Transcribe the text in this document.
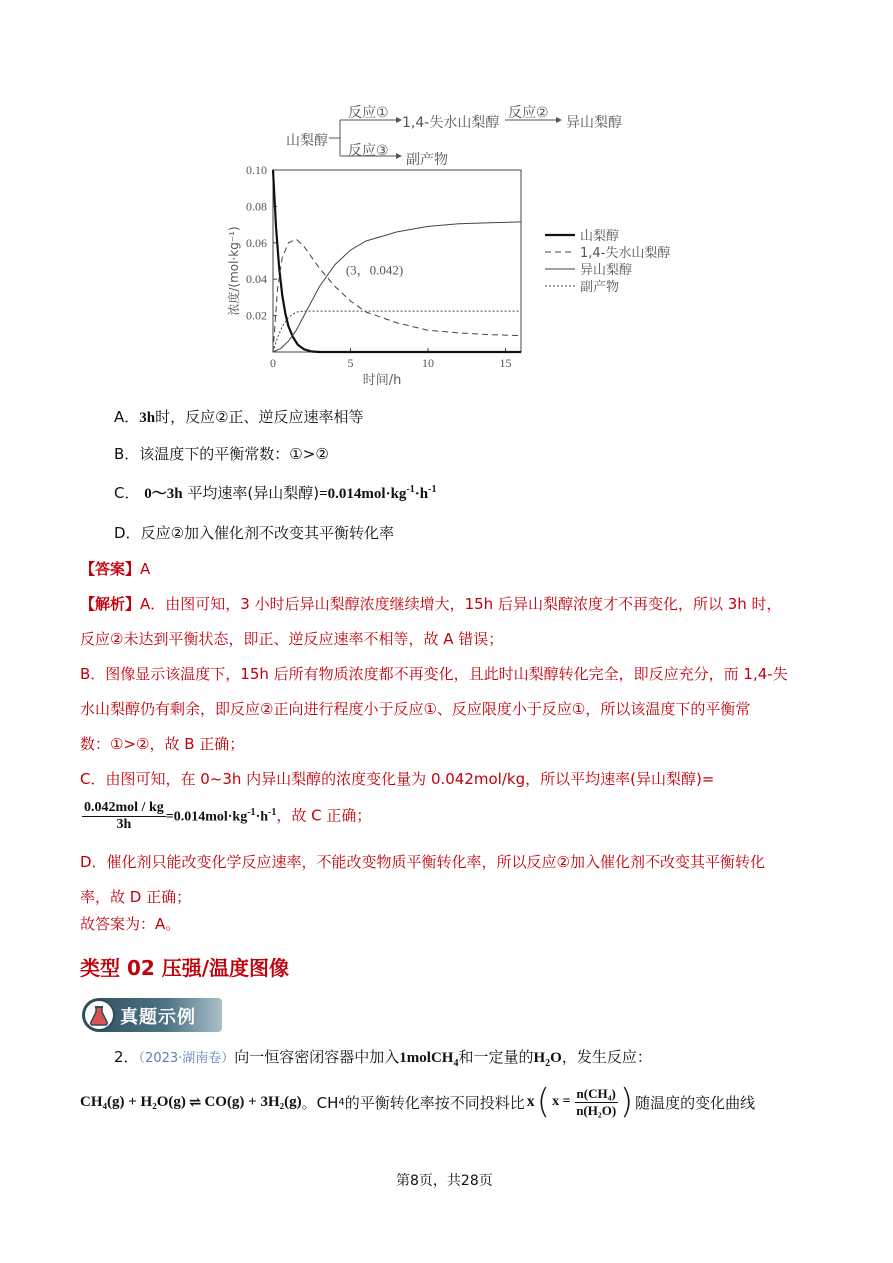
山梨醇
反应①
1,4-失水山梨醇
反应②
异山梨醇
反应③
副产物
0	5	10	15
0.02
0.04
0.06
0.08
0.10
时间/h
浓度/(mol·kg⁻¹)	山梨醇
1,4-失水山梨醇
异山梨醇
副产物
(3，0.042)
A．3h时，反应②正、逆反应速率相等
B．该温度下的平衡常数：①>②
C． 0～3h 平均速率(异山梨醇)$=0.014mol\cdot kg^{-1}\cdot h^{-1}$
D．反应②加入催化剂不改变其平衡转化率
【答案】A
【解析】A．由图可知，3 小时后异山梨醇浓度继续增大，15h 后异山梨醇浓度才不再变化，所以 3h 时，
反应②未达到平衡状态，即正、逆反应速率不相等，故 A 错误；
B．图像显示该温度下，15h 后所有物质浓度都不再变化，且此时山梨醇转化完全，即反应充分，而 1,4-失
水山梨醇仍有剩余，即反应②正向进行程度小于反应①、反应限度小于反应①，所以该温度下的平衡常
数：①>②，故 B 正确；
C．由图可知，在 0~3h 内异山梨醇的浓度变化量为 0.042mol/kg，所以平均速率(异山梨醇)=
$\frac{\text{0.042mol / kg}}{3h} =0.014mol\cdot kg^{-1}\cdot h^{-1}$，故 C 正确；
D．催化剂只能改变化学反应速率，不能改变物质平衡转化率，所以反应②加入催化剂不改变其平衡转化
率，故 D 正确；
故答案为：A。
类型 02 压强/温度图像
真题示例
2．（2023·湖南卷）向一恒容密闭容器中加入1molCH$_4$和一定量的$H_2O$，发生反应：
CH₄(g) + H₂O(g) ⇌ CO(g) + 3H₂(g) 。CH 4 的平衡转化率按不同投料比 x ( $x = \frac{\text{n(CH₄)}}{\text{n(H₂O)}}$ ) 随温度的变化曲线
第8页，共28页
